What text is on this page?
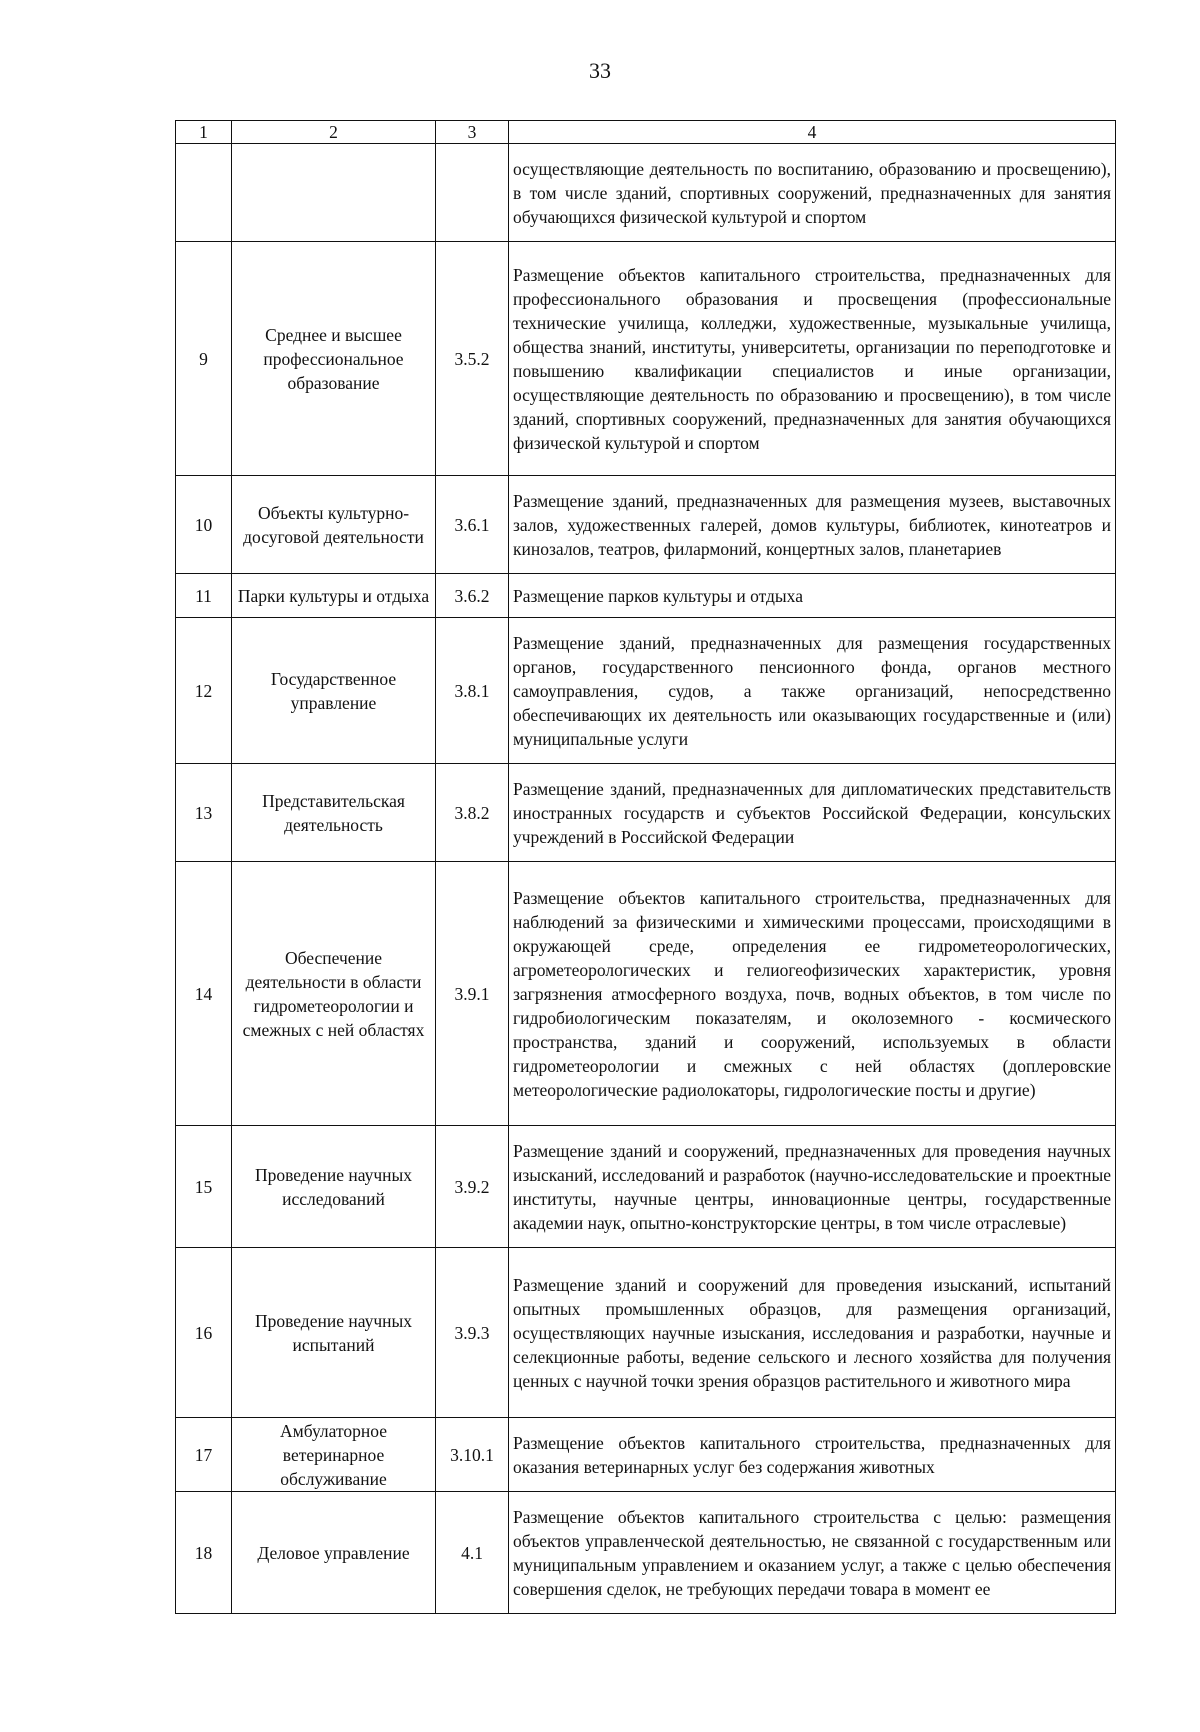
33
1	2	3	4
			осуществляющие деятельность по воспитанию, образованию и просвещению), в том числе зданий, спортивных сооружений, предназначенных для занятия обучающихся физической культурой и спортом
9	Среднее и высшее профессиональное образование	3.5.2	Размещение объектов капитального строительства, предназначенных для профессионального образования и просвещения (профессиональные технические училища, колледжи, художественные, музыкальные училища, общества знаний, институты, университеты, организации по переподготовке и повышению квалификации специалистов и иные организации, осуществляющие деятельность по образованию и просвещению), в том числе зданий, спортивных сооружений, предназначенных для занятия обучающихся физической культурой и спортом
10	Объекты культурно-досуговой деятельности	3.6.1	Размещение зданий, предназначенных для размещения музеев, выставочных залов, художественных галерей, домов культуры, библиотек, кинотеатров и кинозалов, театров, филармоний, концертных залов, планетариев
11	Парки культуры и отдыха	3.6.2	Размещение парков культуры и отдыха
12	Государственное управление	3.8.1	Размещение зданий, предназначенных для размещения государственных органов, государственного пенсионного фонда, органов местного самоуправления, судов, а также организаций, непосредственно обеспечивающих их деятельность или оказывающих государственные и (или) муниципальные услуги
13	Представительская деятельность	3.8.2	Размещение зданий, предназначенных для дипломатических представительств иностранных государств и субъектов Российской Федерации, консульских учреждений в Российской Федерации
14	Обеспечение деятельности в области гидрометеорологии и смежных с ней областях	3.9.1	Размещение объектов капитального строительства, предназначенных для наблюдений за физическими и химическими процессами, происходящими в окружающей среде, определения ее гидрометеорологических, агрометеорологических и гелиогеофизических характеристик, уровня загрязнения атмосферного воздуха, почв, водных объектов, в том числе по гидробиологическим показателям, и околоземного - космического пространства, зданий и сооружений, используемых в области гидрометеорологии и смежных с ней областях (доплеровские метеорологические радиолокаторы, гидрологические посты и другие)
15	Проведение научных исследований	3.9.2	Размещение зданий и сооружений, предназначенных для проведения научных изысканий, исследований и разработок (научно-исследовательские и проектные институты, научные центры, инновационные центры, государственные академии наук, опытно-конструкторские центры, в том числе отраслевые)
16	Проведение научных испытаний	3.9.3	Размещение зданий и сооружений для проведения изысканий, испытаний опытных промышленных образцов, для размещения организаций, осуществляющих научные изыскания, исследования и разработки, научные и селекционные работы, ведение сельского и лесного хозяйства для получения ценных с научной точки зрения образцов растительного и животного мира
17	Амбулаторное ветеринарное обслуживание	3.10.1	Размещение объектов капитального строительства, предназначенных для оказания ветеринарных услуг без содержания животных
18	Деловое управление	4.1	Размещение объектов капитального строительства с целью: размещения объектов управленческой деятельностью, не связанной с государственным или муниципальным управлением и оказанием услуг, а также с целью обеспечения совершения сделок, не требующих передачи товара в момент ее
